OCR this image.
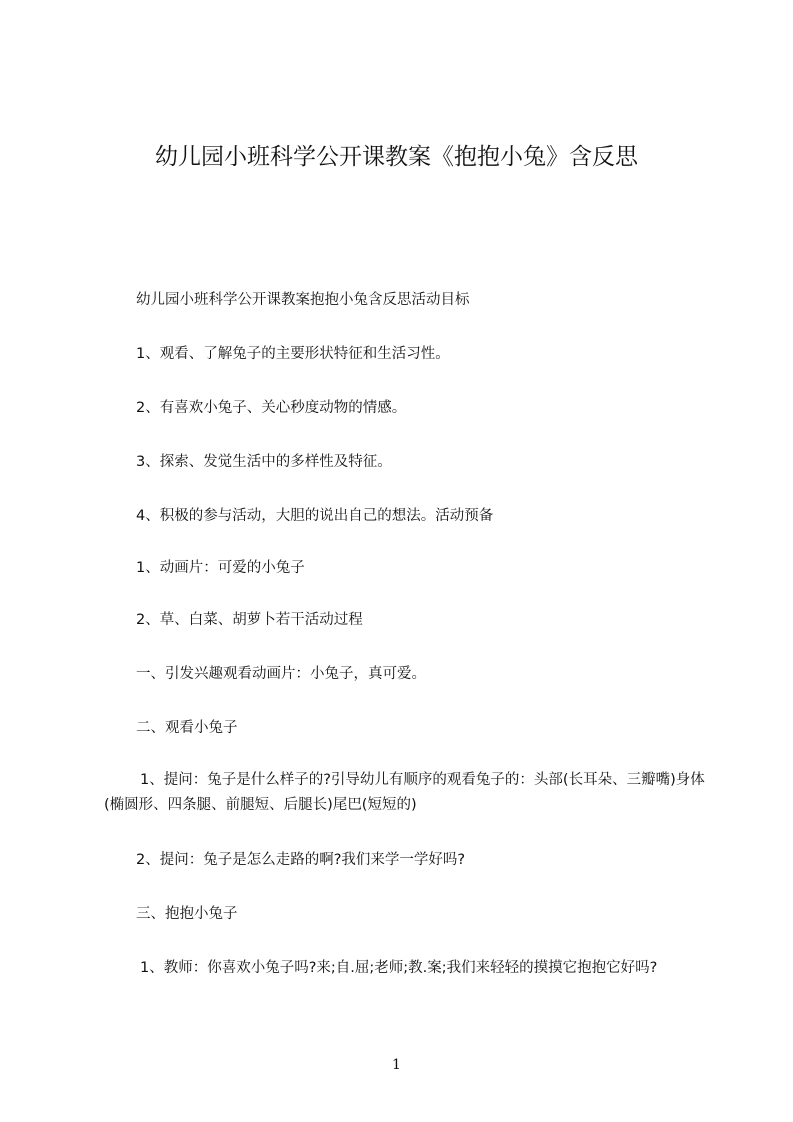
幼儿园小班科学公开课教案《抱抱小兔》含反思
幼儿园小班科学公开课教案抱抱小兔含反思活动目标
1、观看、了解兔子的主要形状特征和生活习性。
2、有喜欢小兔子、关心秒度动物的情感。
3、探索、发觉生活中的多样性及特征。
4、积极的参与活动，大胆的说出自己的想法。活动预备
1、动画片：可爱的小兔子
2、草、白菜、胡萝卜若干活动过程
一、引发兴趣观看动画片：小兔子，真可爱。
二、观看小兔子
1、提问：兔子是什么样子的?引导幼儿有顺序的观看兔子的：头部(长耳朵、三瓣嘴)身体(椭圆形、四条腿、前腿短、后腿长)尾巴(短短的)
2、提问：兔子是怎么走路的啊?我们来学一学好吗?
三、抱抱小兔子
1、教师：你喜欢小兔子吗?来;自.屈;老师;教.案;我们来轻轻的摸摸它抱抱它好吗?
1
